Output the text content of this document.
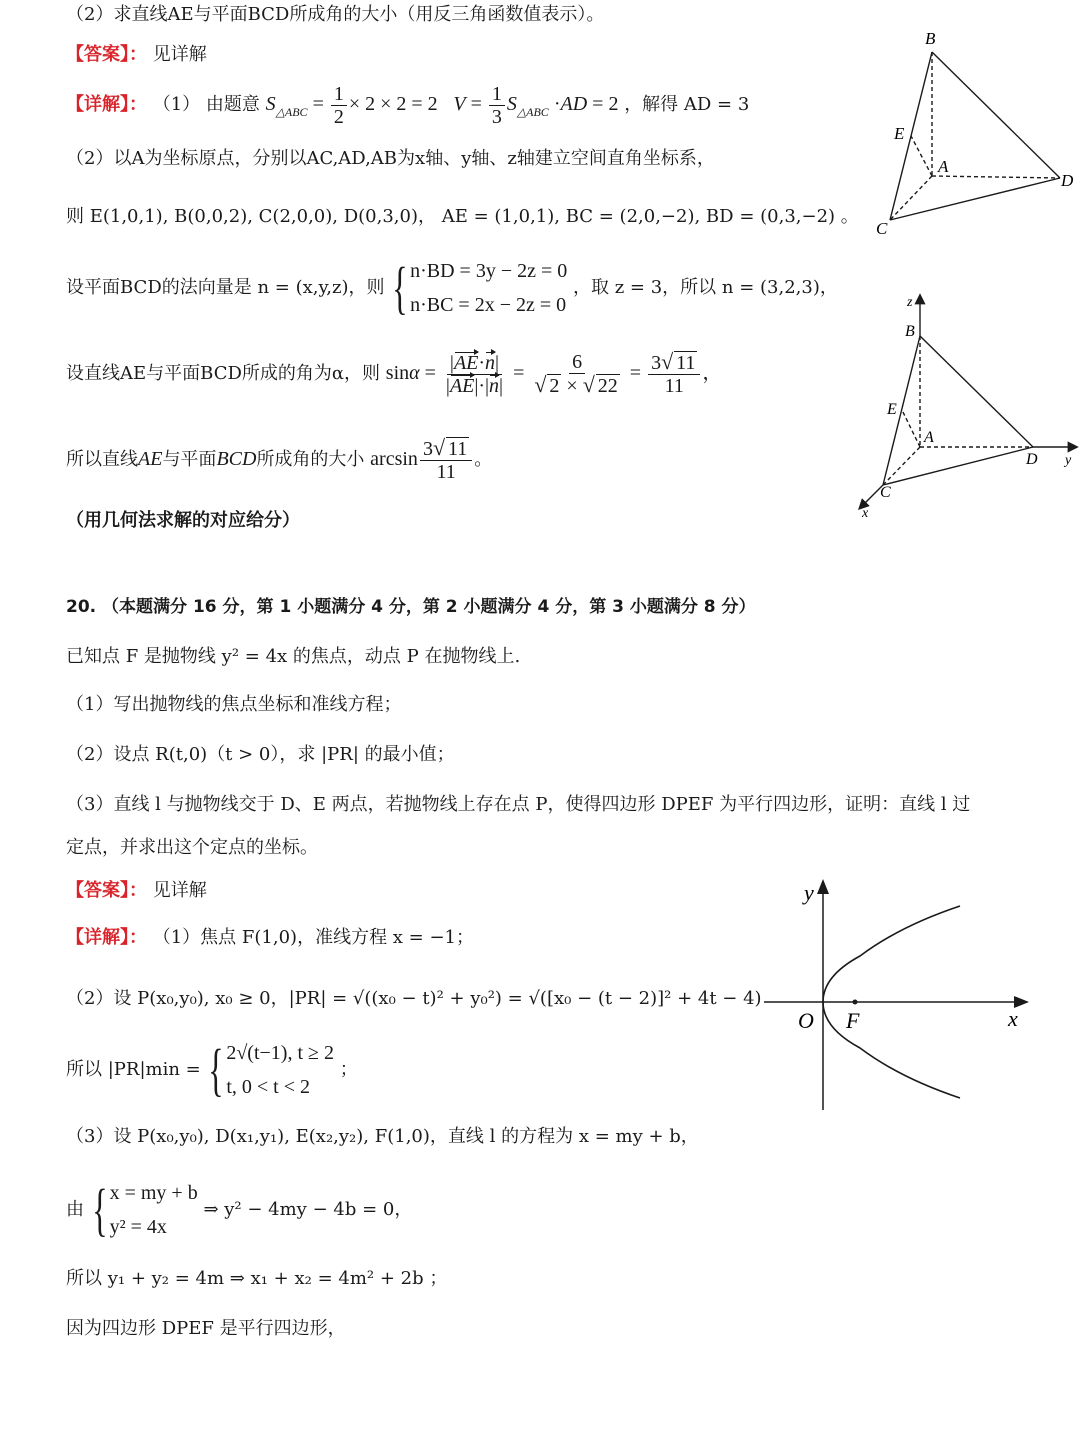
（2）求直线AE与平面BCD所成角的大小（用反三角函数值表示）。
【答案】： 见详解
【详解】： （1） 由题意 $S_{\triangle ABC} = \frac{1}{2} \times 2 \times 2 = 2$   $V = \frac{1}{3} S_{\triangle ABC} \cdot AD = 2$ ，解得 AD = 3
（2）以A为坐标原点，分别以AC,AD,AB为x轴、y轴、z轴建立空间直角坐标系，
则 E(1,0,1), B(0,0,2), C(2,0,0), D(0,3,0)， AE = (1,0,1), BC = (2,0,−2), BD = (0,3,−2) 。
设平面BCD的法向量是 n = (x,y,z)，则 { n·BD = 3y − 2z = 0
n·BC = 2x − 2z = 0
，取 z = 3，所以 n = (3,2,3)，
设直线AE与平面BCD所成的角为α，则 $\sin\alpha = \frac{|AE\cdot n|}{|AE|\cdot|n|} = \frac{6}{√ 2 \times √ 22} = \frac{3√ 11}{11}$ ，
所以直线AE与平面BCD所成角的大小 $\arcsin \frac{3√ 11}{11}$ 。
（用几何法求解的对应给分）
B
E
A
D
C
z
B
E
A
D y
C
x
20. （本题满分 16 分，第 1 小题满分 4 分，第 2 小题满分 4 分，第 3 小题满分 8 分）
已知点 F 是抛物线 y² = 4x 的焦点，动点 P 在抛物线上.
（1）写出抛物线的焦点坐标和准线方程；
（2）设点 R(t,0)（t > 0），求 |PR| 的最小值；
（3）直线 l 与抛物线交于 D、E 两点，若抛物线上存在点 P，使得四边形 DPEF 为平行四边形，证明：直线 l 过
定点，并求出这个定点的坐标。
【答案】： 见详解
【详解】： （1）焦点 F(1,0)，准线方程 x = −1；
（2）设 P(x₀,y₀), x₀ ≥ 0，|PR| = √((x₀ − t)² + y₀²) = √([x₀ − (t − 2)]² + 4t − 4)
所以 |PR|min = { 2√(t−1), t ≥ 2
t, 0 < t < 2
；
（3）设 P(x₀,y₀), D(x₁,y₁), E(x₂,y₂), F(1,0)，直线 l 的方程为 x = my + b，
由 { x = my + b
y² = 4x
⇒ y² − 4my − 4b = 0，
所以 y₁ + y₂ = 4m ⇒ x₁ + x₂ = 4m² + 2b ；
因为四边形 DPEF 是平行四边形，
y
O F	x
